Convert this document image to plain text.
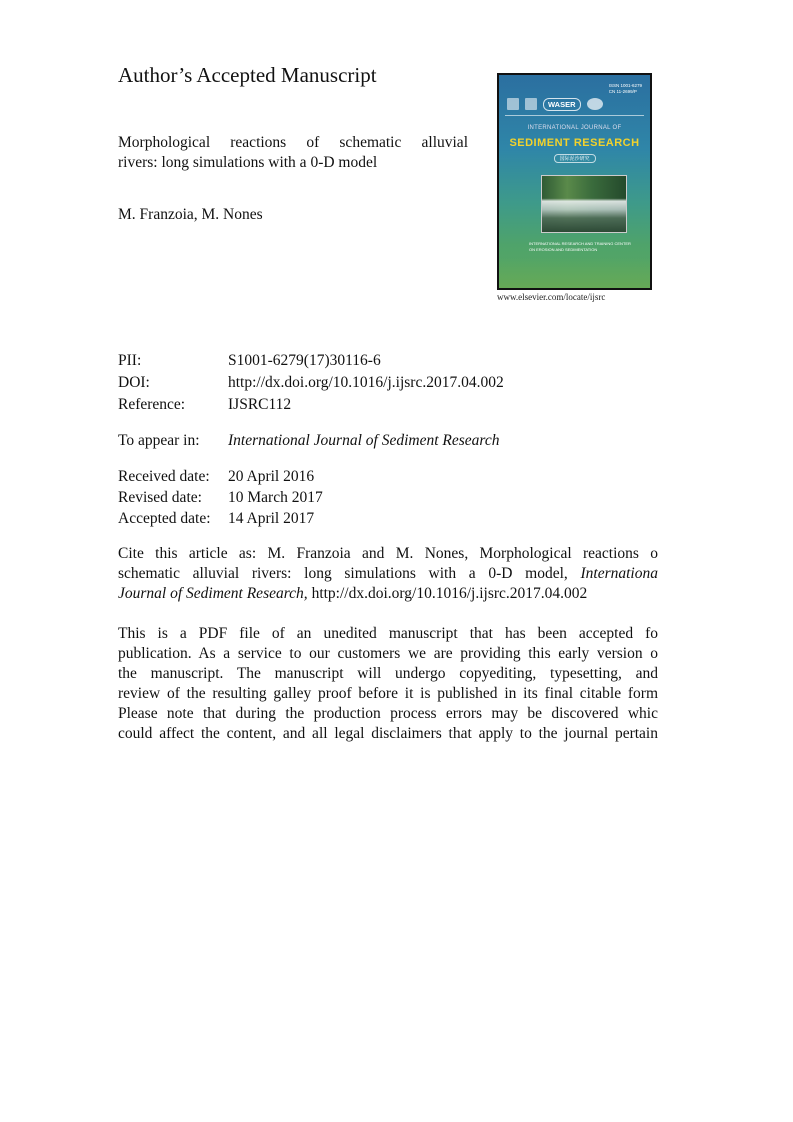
Author’s Accepted Manuscript
Morphological reactions of schematic alluvial
rivers: long simulations with a 0-D model
M. Franzoia, M. Nones
ISSN 1001-6279
CN 11-2699/P
WASER
INTERNATIONAL JOURNAL OF
SEDIMENT RESEARCH
国际泥沙研究
INTERNATIONAL RESEARCH AND TRAINING CENTER
ON EROSION AND SEDIMENTATION
www.elsevier.com/locate/ijsrc
PII:	S1001-6279(17)30116-6
DOI:	http://dx.doi.org/10.1016/j.ijsrc.2017.04.002
Reference:	IJSRC112
To appear in: International Journal of Sediment Research
Received date: 20 April 2016
Revised date: 10 March 2017
Accepted date: 14 April 2017
Cite this article as: M. Franzoia and M. Nones, Morphological reactions o
schematic alluvial rivers: long simulations with a 0-D model, Internationa
Journal of Sediment Research, http://dx.doi.org/10.1016/j.ijsrc.2017.04.002
This is a PDF file of an unedited manuscript that has been accepted fo
publication. As a service to our customers we are providing this early version o
the manuscript. The manuscript will undergo copyediting, typesetting, and
review of the resulting galley proof before it is published in its final citable form
Please note that during the production process errors may be discovered whic
could affect the content, and all legal disclaimers that apply to the journal pertain
